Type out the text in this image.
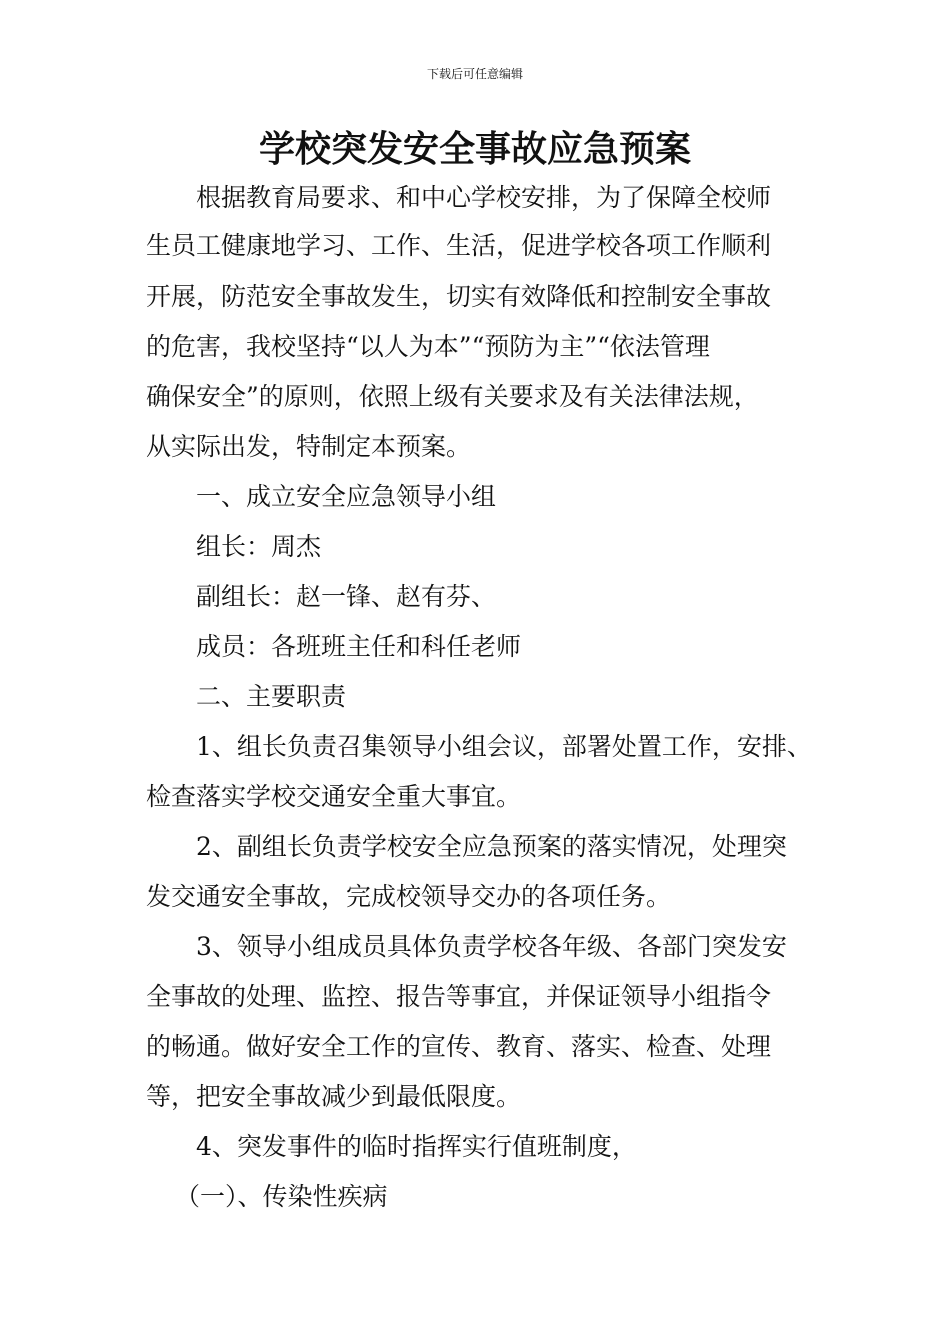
下载后可任意编辑
学校突发安全事故应急预案
根据教育局要求、和中心学校安排，为了保障全校师
生员工健康地学习、工作、生活，促进学校各项工作顺利
开展，防范安全事故发生，切实有效降低和控制安全事故
的危害，我校坚持“以人为本”“预防为主”“依法管理
确保安全”的原则，依照上级有关要求及有关法律法规，
从实际出发，特制定本预案。
一、成立安全应急领导小组
组长：周杰
副组长：赵一锋、赵有芬、
成员：各班班主任和科任老师
二、主要职责
1、组长负责召集领导小组会议，部署处置工作，安排、
检查落实学校交通安全重大事宜。
2、副组长负责学校安全应急预案的落实情况，处理突
发交通安全事故，完成校领导交办的各项任务。
3、领导小组成员具体负责学校各年级、各部门突发安
全事故的处理、监控、报告等事宜，并保证领导小组指令
的畅通。做好安全工作的宣传、教育、落实、检查、处理
等，把安全事故减少到最低限度。
4、突发事件的临时指挥实行值班制度，
（一）、传染性疾病
